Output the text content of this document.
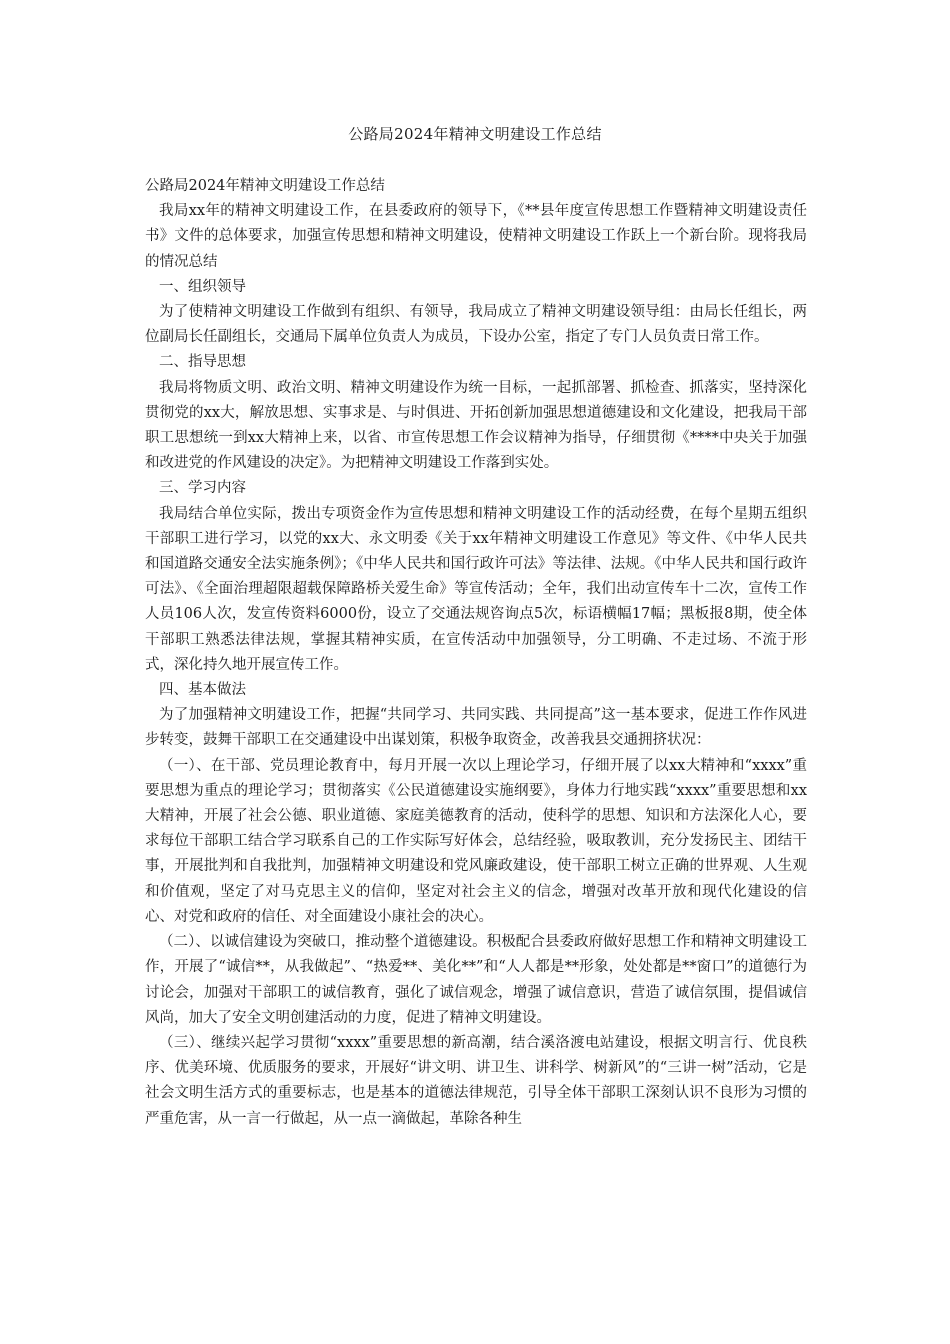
公路局2024年精神文明建设工作总结

公路局2024年精神文明建设工作总结

我局xx年的精神文明建设工作，在县委政府的领导下，《**县年度宣传思想工作暨精神文明建设责任书》文件的总体要求，加强宣传思想和精神文明建设，使精神文明建设工作跃上一个新台阶。现将我局的情况总结

一、组织领导

为了使精神文明建设工作做到有组织、有领导，我局成立了精神文明建设领导组：由局长任组长，两位副局长任副组长，交通局下属单位负责人为成员，下设办公室，指定了专门人员负责日常工作。

二、指导思想

我局将物质文明、政治文明、精神文明建设作为统一目标，一起抓部署、抓检查、抓落实，坚持深化贯彻党的xx大，解放思想、实事求是、与时俱进、开拓创新加强思想道德建设和文化建设，把我局干部职工思想统一到xx大精神上来，以省、市宣传思想工作会议精神为指导，仔细贯彻《****中央关于加强和改进党的作风建设的决定》。为把精神文明建设工作落到实处。

三、学习内容

我局结合单位实际，拨出专项资金作为宣传思想和精神文明建设工作的活动经费，在每个星期五组织干部职工进行学习，以党的xx大、永文明委《关于xx年精神文明建设工作意见》等文件、《中华人民共和国道路交通安全法实施条例》；《中华人民共和国行政许可法》等法律、法规。《中华人民共和国行政许可法》、《全面治理超限超载保障路桥关爱生命》等宣传活动；全年，我们出动宣传车十二次，宣传工作人员106人次，发宣传资料6000份，设立了交通法规咨询点5次，标语横幅17幅；黑板报8期，使全体干部职工熟悉法律法规，掌握其精神实质，在宣传活动中加强领导，分工明确、不走过场、不流于形式，深化持久地开展宣传工作。

四、基本做法

为了加强精神文明建设工作，把握“共同学习、共同实践、共同提高”这一基本要求，促进工作作风进步转变，鼓舞干部职工在交通建设中出谋划策，积极争取资金，改善我县交通拥挤状况：

（一）、在干部、党员理论教育中，每月开展一次以上理论学习，仔细开展了以xx大精神和“xxxx”重要思想为重点的理论学习；贯彻落实《公民道德建设实施纲要》，身体力行地实践“xxxx”重要思想和xx大精神，开展了社会公德、职业道德、家庭美德教育的活动，使科学的思想、知识和方法深化人心，要求每位干部职工结合学习联系自己的工作实际写好体会，总结经验，吸取教训，充分发扬民主、团结干事，开展批判和自我批判，加强精神文明建设和党风廉政建设，使干部职工树立正确的世界观、人生观和价值观，坚定了对马克思主义的信仰，坚定对社会主义的信念，增强对改革开放和现代化建设的信心、对党和政府的信任、对全面建设小康社会的决心。

（二）、以诚信建设为突破口，推动整个道德建设。积极配合县委政府做好思想工作和精神文明建设工作，开展了“诚信**，从我做起”、“热爱**、美化**”和“人人都是**形象，处处都是**窗口”的道德行为讨论会，加强对干部职工的诚信教育，强化了诚信观念，增强了诚信意识，营造了诚信氛围，提倡诚信风尚，加大了安全文明创建活动的力度，促进了精神文明建设。

（三）、继续兴起学习贯彻“xxxx”重要思想的新高潮，结合溪洛渡电站建设，根据文明言行、优良秩序、优美环境、优质服务的要求，开展好“讲文明、讲卫生、讲科学、树新风”的“三讲一树”活动，它是社会文明生活方式的重要标志，也是基本的道德法律规范，引导全体干部职工深刻认识不良形为习惯的严重危害，从一言一行做起，从一点一滴做起，革除各种生
